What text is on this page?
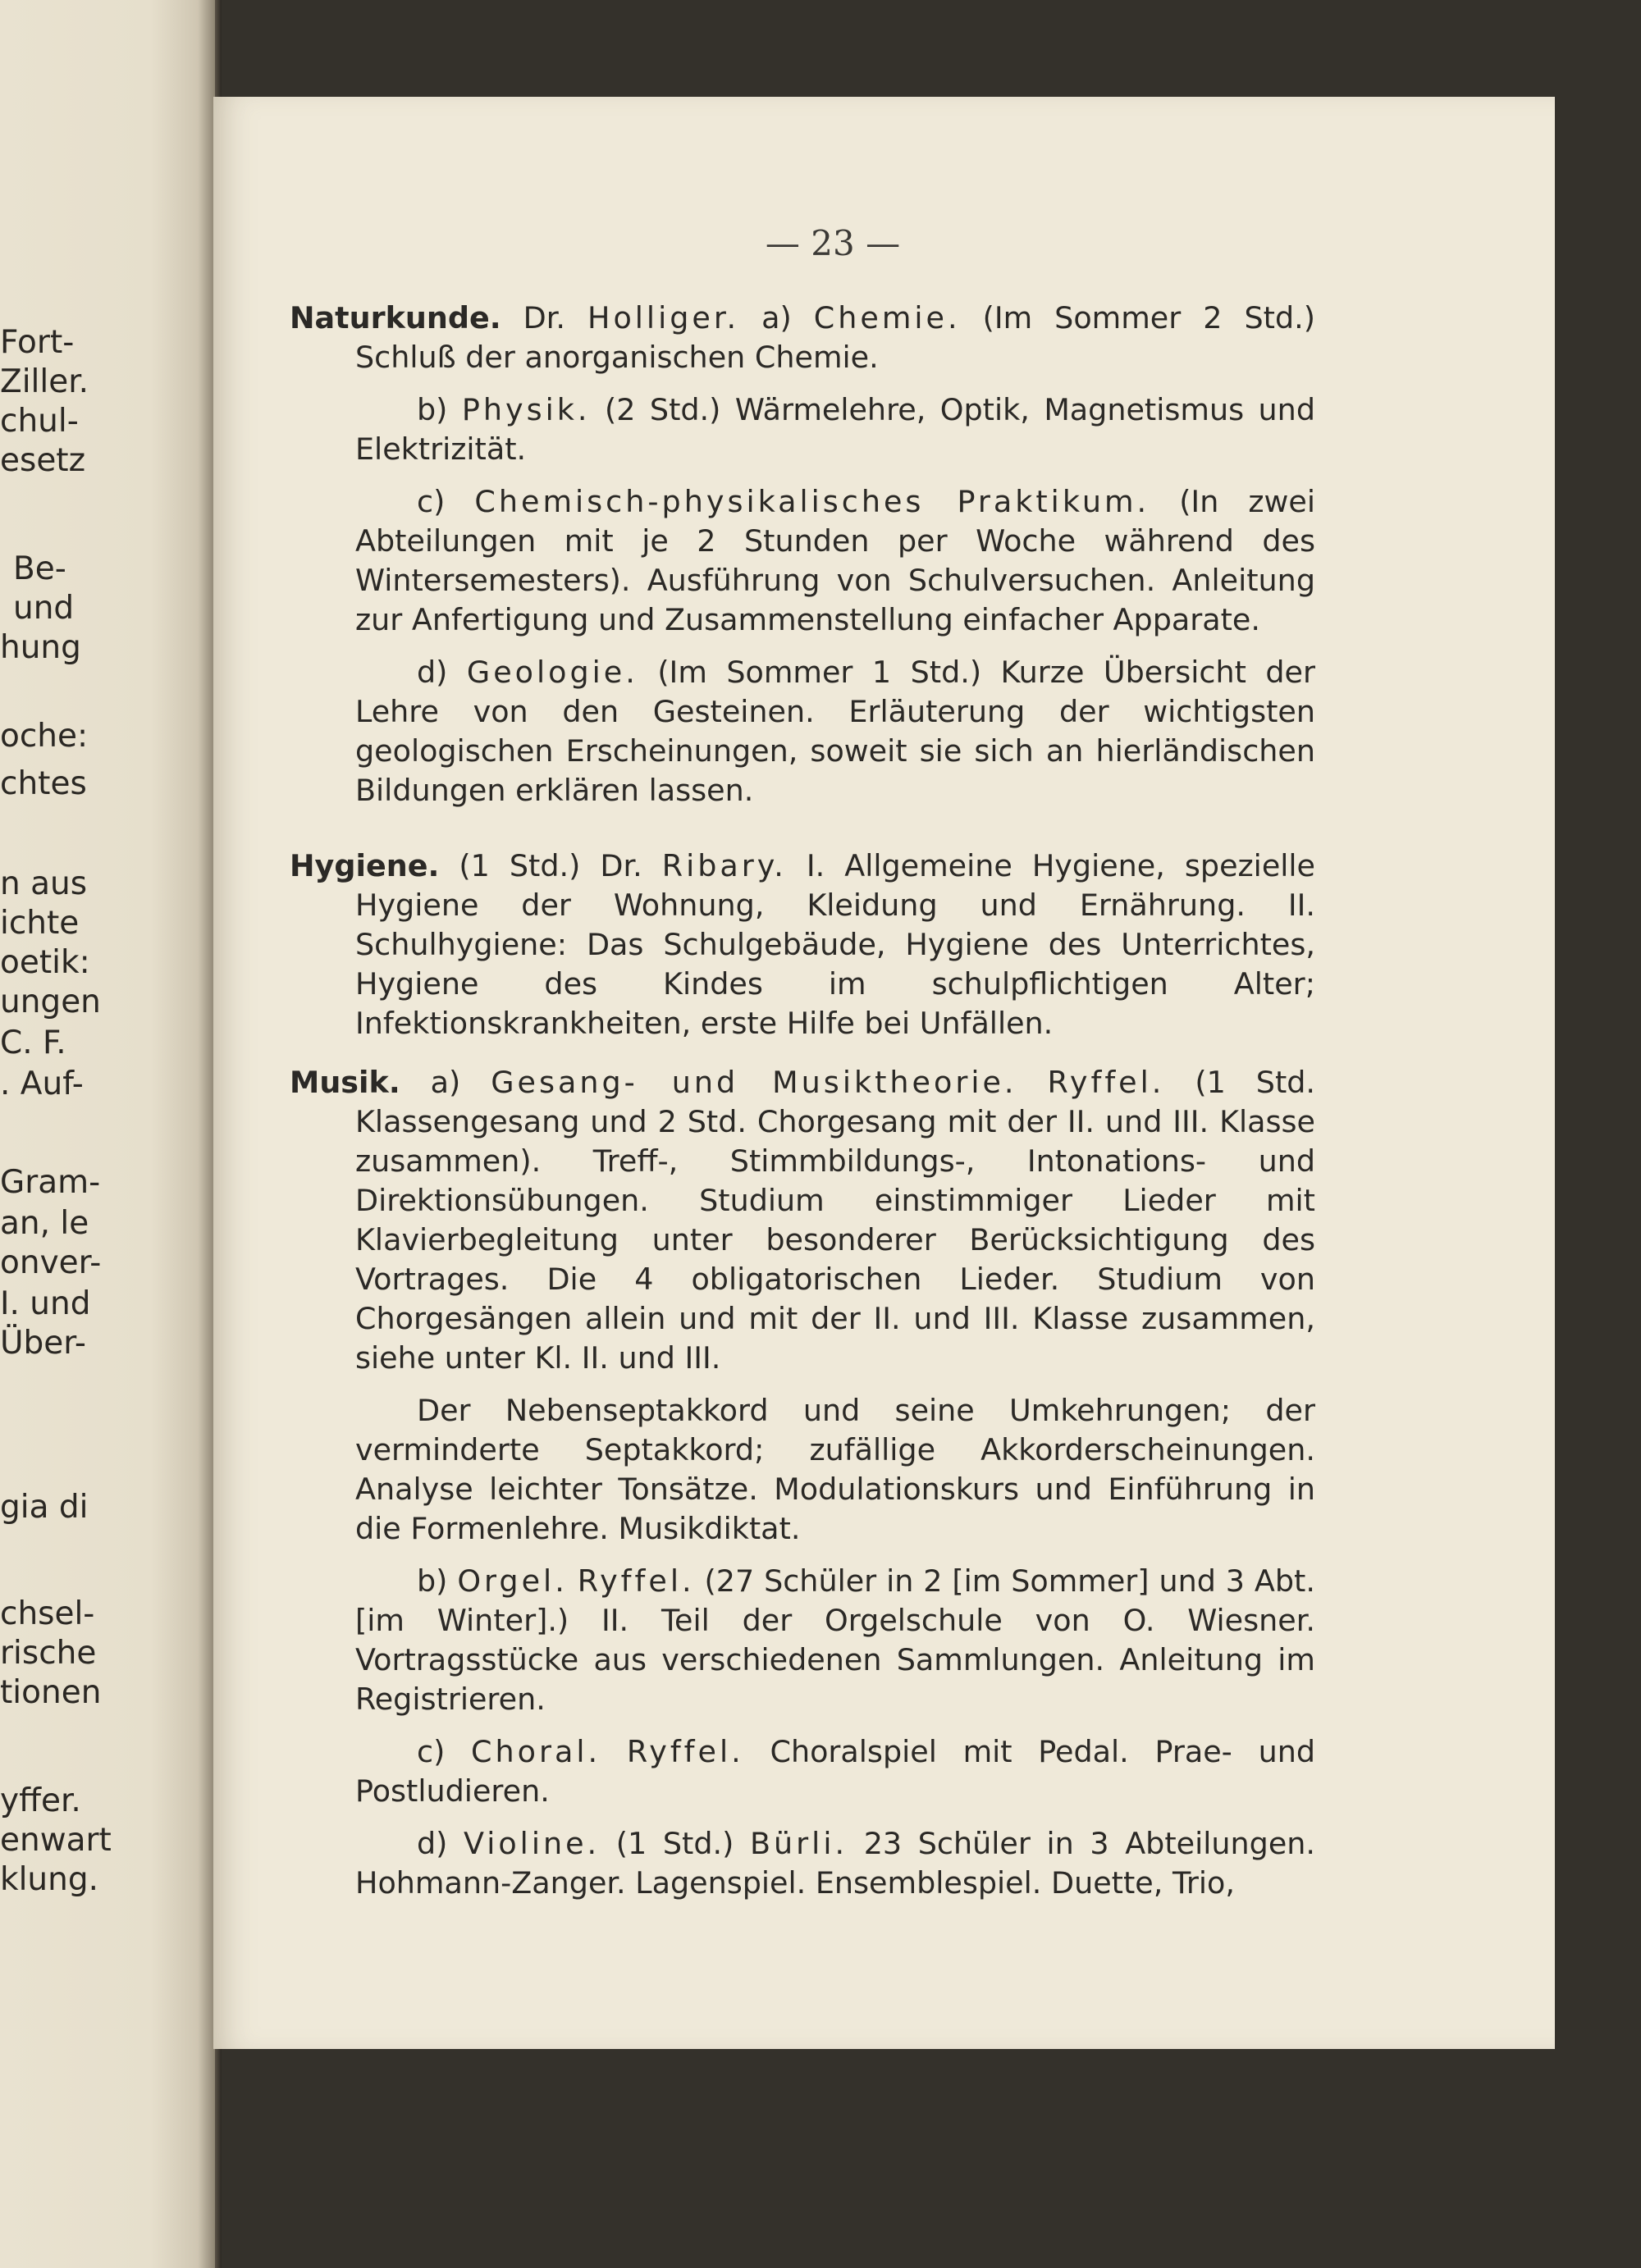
Fort-
Ziller.
chul-
esetz
Be-
und
hung
oche:
chtes
n aus
ichte
oetik:
ungen
C. F.
. Auf-
Gram-
an, le
onver-
I. und
Über-
gia di
chsel-
rische
tionen
yffer.
enwart
klung.
— 23 —

Naturkunde. Dr. Holliger. a) Chemie. (Im Sommer 2 Std.) Schluß der anorganischen Chemie.

b) Physik. (2 Std.) Wärmelehre, Optik, Magnetismus und Elektrizität.

c) Chemisch-physikalisches Praktikum. (In zwei Abteilungen mit je 2 Stunden per Woche während des Wintersemesters). Ausführung von Schulversuchen. Anleitung zur Anfertigung und Zusammenstellung einfacher Apparate.

d) Geologie. (Im Sommer 1 Std.) Kurze Übersicht der Lehre von den Gesteinen. Erläuterung der wichtigsten geologischen Erscheinungen, soweit sie sich an hierländischen Bildungen erklären lassen.

Hygiene. (1 Std.) Dr. Ribary. I. Allgemeine Hygiene, spezielle Hygiene der Wohnung, Kleidung und Ernährung. II. Schulhygiene: Das Schulgebäude, Hygiene des Unterrichtes, Hygiene des Kindes im schulpflichtigen Alter; Infektionskrankheiten, erste Hilfe bei Unfällen.

Musik. a) Gesang- und Musiktheorie. Ryffel. (1 Std. Klassengesang und 2 Std. Chorgesang mit der II. und III. Klasse zusammen). Treff-, Stimmbildungs-, Intonations- und Direktionsübungen. Studium einstimmiger Lieder mit Klavierbegleitung unter besonderer Berücksichtigung des Vortrages. Die 4 obligatorischen Lieder. Studium von Chorgesängen allein und mit der II. und III. Klasse zusammen, siehe unter Kl. II. und III.

Der Nebenseptakkord und seine Umkehrungen; der verminderte Septakkord; zufällige Akkorderscheinungen. Analyse leichter Tonsätze. Modulationskurs und Einführung in die Formenlehre. Musikdiktat.

b) Orgel. Ryffel. (27 Schüler in 2 [im Sommer] und 3 Abt. [im Winter].) II. Teil der Orgelschule von O. Wiesner. Vortragsstücke aus verschiedenen Sammlungen. Anleitung im Registrieren.

c) Choral. Ryffel. Choralspiel mit Pedal. Prae- und Postludieren.

d) Violine. (1 Std.) Bürli. 23 Schüler in 3 Abteilungen. Hohmann-Zanger. Lagenspiel. Ensemblespiel. Duette, Trio,
